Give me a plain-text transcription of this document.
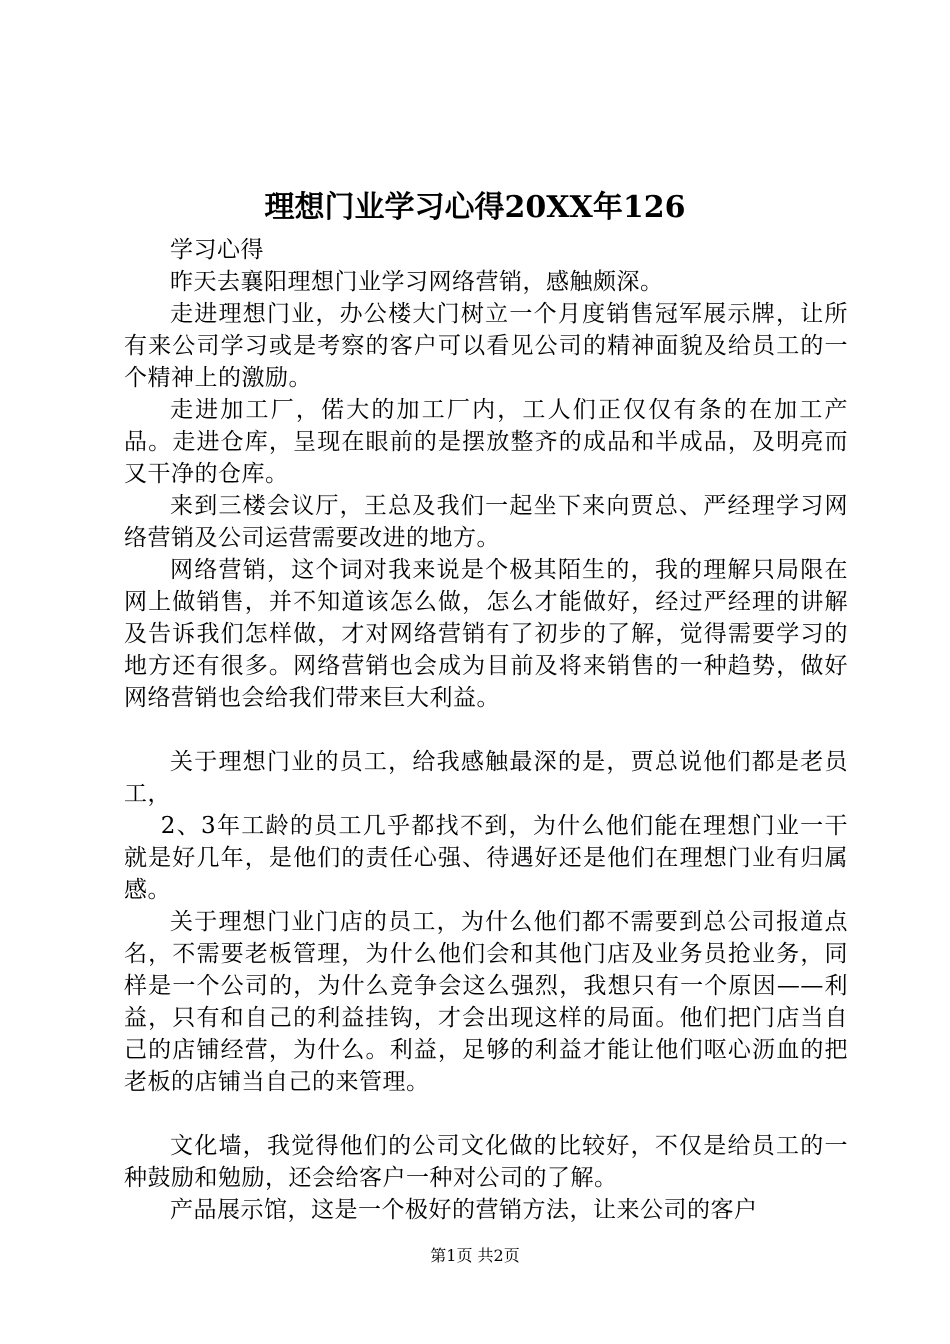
理想门业学习心得20XX年126

学习心得

昨天去襄阳理想门业学习网络营销，感触颇深。

走进理想门业，办公楼大门树立一个月度销售冠军展示牌，让所有来公司学习或是考察的客户可以看见公司的精神面貌及给员工的一个精神上的激励。

走进加工厂，偌大的加工厂内，工人们正仅仅有条的在加工产品。走进仓库，呈现在眼前的是摆放整齐的成品和半成品，及明亮而又干净的仓库。

来到三楼会议厅，王总及我们一起坐下来向贾总、严经理学习网络营销及公司运营需要改进的地方。

网络营销，这个词对我来说是个极其陌生的，我的理解只局限在网上做销售，并不知道该怎么做，怎么才能做好，经过严经理的讲解及告诉我们怎样做，才对网络营销有了初步的了解，觉得需要学习的地方还有很多。网络营销也会成为目前及将来销售的一种趋势，做好网络营销也会给我们带来巨大利益。

关于理想门业的员工，给我感触最深的是，贾总说他们都是老员工，

2、3年工龄的员工几乎都找不到，为什么他们能在理想门业一干就是好几年，是他们的责任心强、待遇好还是他们在理想门业有归属感。

关于理想门业门店的员工，为什么他们都不需要到总公司报道点名，不需要老板管理，为什么他们会和其他门店及业务员抢业务，同样是一个公司的，为什么竞争会这么强烈，我想只有一个原因——利益，只有和自己的利益挂钩，才会出现这样的局面。他们把门店当自己的店铺经营，为什么。利益，足够的利益才能让他们呕心沥血的把老板的店铺当自己的来管理。

文化墙，我觉得他们的公司文化做的比较好，不仅是给员工的一种鼓励和勉励，还会给客户一种对公司的了解。

产品展示馆，这是一个极好的营销方法，让来公司的客户

第1页 共2页
